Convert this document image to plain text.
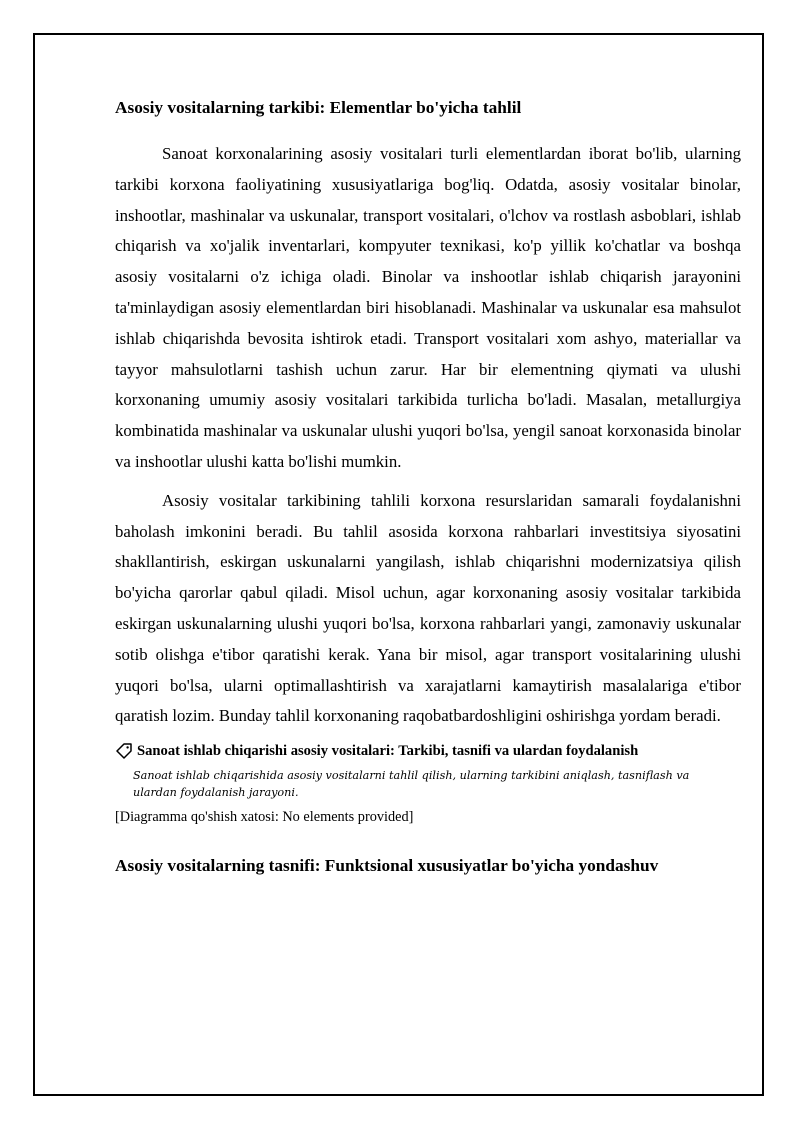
Asosiy vositalarning tarkibi: Elementlar bo'yicha tahlil

Sanoat korxonalarining asosiy vositalari turli elementlardan iborat bo'lib, ularning tarkibi korxona faoliyatining xususiyatlariga bog'liq. Odatda, asosiy vositalar binolar, inshootlar, mashinalar va uskunalar, transport vositalari, o'lchov va rostlash asboblari, ishlab chiqarish va xo'jalik inventarlari, kompyuter texnikasi, ko'p yillik ko'chatlar va boshqa asosiy vositalarni o'z ichiga oladi. Binolar va inshootlar ishlab chiqarish jarayonini ta'minlaydigan asosiy elementlardan biri hisoblanadi. Mashinalar va uskunalar esa mahsulot ishlab chiqarishda bevosita ishtirok etadi. Transport vositalari xom ashyo, materiallar va tayyor mahsulotlarni tashish uchun zarur. Har bir elementning qiymati va ulushi korxonaning umumiy asosiy vositalari tarkibida turlicha bo'ladi. Masalan, metallurgiya kombinatida mashinalar va uskunalar ulushi yuqori bo'lsa, yengil sanoat korxonasida binolar va inshootlar ulushi katta bo'lishi mumkin.

Asosiy vositalar tarkibining tahlili korxona resurslaridan samarali foydalanishni baholash imkonini beradi. Bu tahlil asosida korxona rahbarlari investitsiya siyosatini shakllantirish, eskirgan uskunalarni yangilash, ishlab chiqarishni modernizatsiya qilish bo'yicha qarorlar qabul qiladi. Misol uchun, agar korxonaning asosiy vositalar tarkibida eskirgan uskunalarning ulushi yuqori bo'lsa, korxona rahbarlari yangi, zamonaviy uskunalar sotib olishga e'tibor qaratishi kerak. Yana bir misol, agar transport vositalarining ulushi yuqori bo'lsa, ularni optimallashtirish va xarajatlarni kamaytirish masalalariga e'tibor qaratish lozim. Bunday tahlil korxonaning raqobatbardoshligini oshirishga yordam beradi.

Sanoat ishlab chiqarishi asosiy vositalari: Tarkibi, tasnifi va ulardan foydalanish
Sanoat ishlab chiqarishida asosiy vositalarni tahlil qilish, ularning tarkibini aniqlash, tasniflash va ulardan foydalanish jarayoni.
[Diagramma qo'shish xatosi: No elements provided]
Asosiy vositalarning tasnifi: Funktsional xususiyatlar bo'yicha yondashuv
